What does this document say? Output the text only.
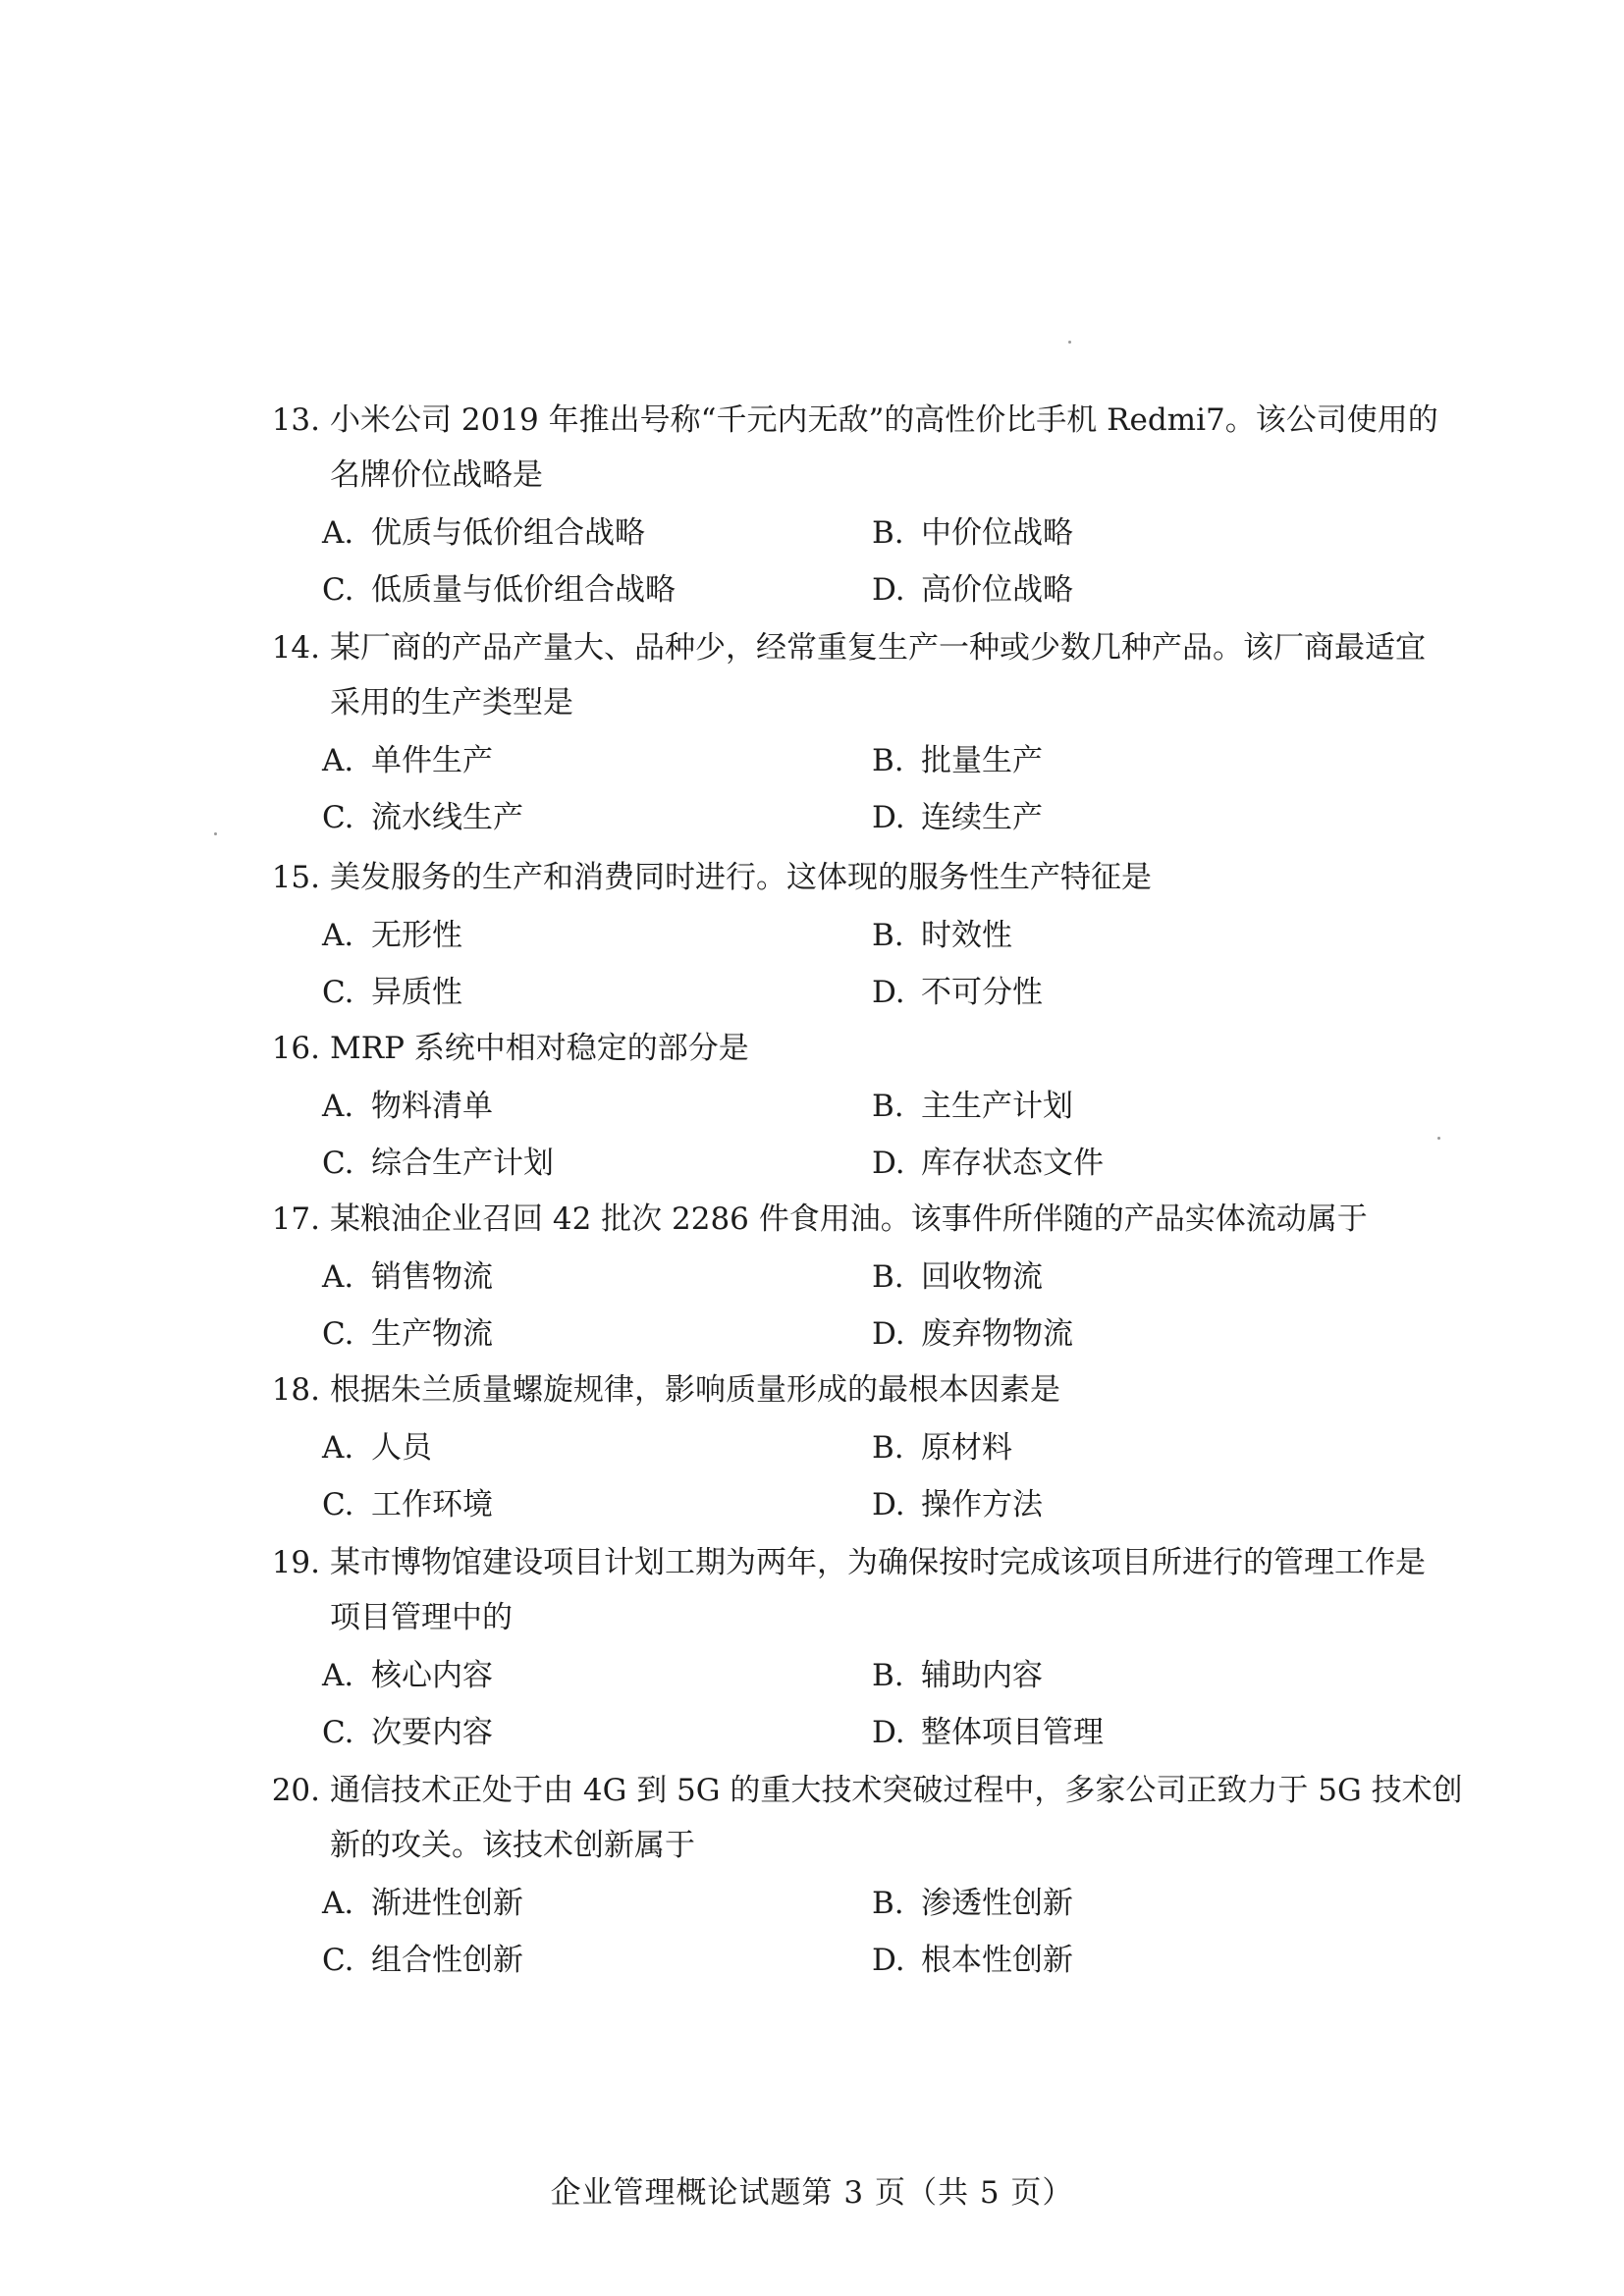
13. 小米公司 2019 年推出号称“千元内无敌”的高性价比手机 Redmi7。该公司使用的
名牌价位战略是
A. 优质与低价组合战略	B. 中价位战略
C. 低质量与低价组合战略	D. 高价位战略
14. 某厂商的产品产量大、品种少，经常重复生产一种或少数几种产品。该厂商最适宜
采用的生产类型是
A. 单件生产	B. 批量生产
C. 流水线生产	D. 连续生产
15. 美发服务的生产和消费同时进行。这体现的服务性生产特征是
A. 无形性	B. 时效性
C. 异质性	D. 不可分性
16. MRP 系统中相对稳定的部分是
A. 物料清单	B. 主生产计划
C. 综合生产计划	D. 库存状态文件
17. 某粮油企业召回 42 批次 2286 件食用油。该事件所伴随的产品实体流动属于
A. 销售物流	B. 回收物流
C. 生产物流	D. 废弃物物流
18. 根据朱兰质量螺旋规律，影响质量形成的最根本因素是
A. 人员	B. 原材料
C. 工作环境	D. 操作方法
19. 某市博物馆建设项目计划工期为两年，为确保按时完成该项目所进行的管理工作是
项目管理中的
A. 核心内容	B. 辅助内容
C. 次要内容	D. 整体项目管理
20. 通信技术正处于由 4G 到 5G 的重大技术突破过程中，多家公司正致力于 5G 技术创
新的攻关。该技术创新属于
A. 渐进性创新	B. 渗透性创新
C. 组合性创新	D. 根本性创新
企业管理概论试题第 3 页（共 5 页）
